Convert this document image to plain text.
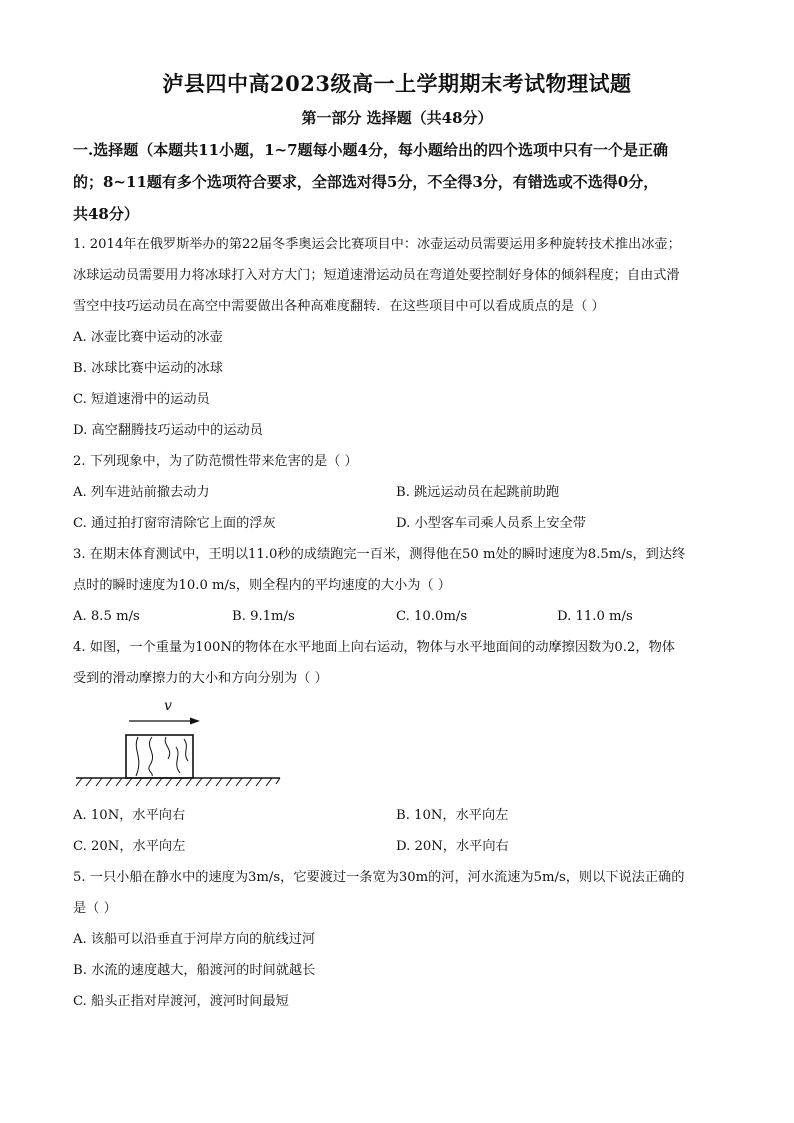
泸县四中高2023级高一上学期期末考试物理试题
第一部分 选择题（共48分）
一.选择题（本题共11小题，1~7题每小题4分，每小题给出的四个选项中只有一个是正确
的；8~11题有多个选项符合要求，全部选对得5分，不全得3分，有错选或不选得0分，
共48分）
1. 2014年在俄罗斯举办的第22届冬季奥运会比赛项目中：冰壶运动员需要运用多种旋转技术推出冰壶；
冰球运动员需要用力将冰球打入对方大门；短道速滑运动员在弯道处要控制好身体的倾斜程度；自由式滑
雪空中技巧运动员在高空中需要做出各种高难度翻转．在这些项目中可以看成质点的是（ ）
A. 冰壶比赛中运动的冰壶
B. 冰球比赛中运动的冰球
C. 短道速滑中的运动员
D. 高空翻腾技巧运动中的运动员
2. 下列现象中，为了防范惯性带来危害的是（ ）
A. 列车进站前撤去动力	B. 跳远运动员在起跳前助跑
C. 通过拍打窗帘清除它上面的浮灰	D. 小型客车司乘人员系上安全带
3. 在期末体育测试中，王明以11.0秒的成绩跑完一百米，测得他在50 m处的瞬时速度为8.5m/s，到达终
点时的瞬时速度为10.0 m/s，则全程内的平均速度的大小为（ ）
A. 8.5 m/s	B. 9.1m/s	C. 10.0m/s	D. 11.0 m/s
4. 如图，一个重量为100N的物体在水平地面上向右运动，物体与水平地面间的动摩擦因数为0.2，物体
受到的滑动摩擦力的大小和方向分别为（ ）
v
A. 10N，水平向右	B. 10N，水平向左
C. 20N，水平向左	D. 20N，水平向右
5. 一只小船在静水中的速度为3m/s，它要渡过一条宽为30m的河，河水流速为5m/s，则以下说法正确的
是（ ）
A. 该船可以沿垂直于河岸方向的航线过河
B. 水流的速度越大，船渡河的时间就越长
C. 船头正指对岸渡河，渡河时间最短
